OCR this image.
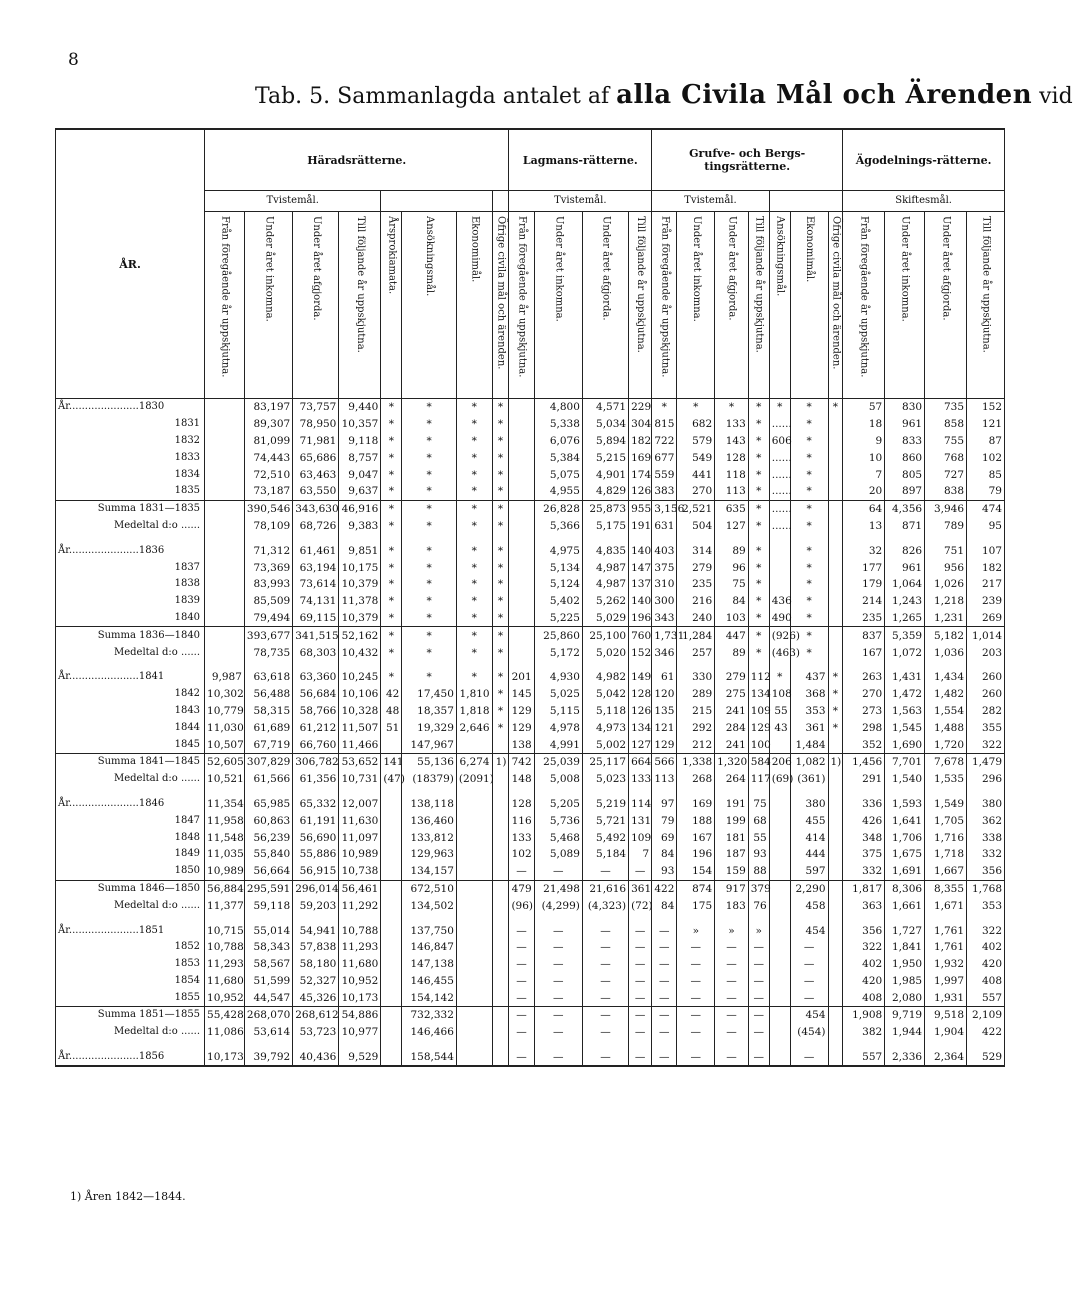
8
Tab. 5. Sammanlagda antalet af alla Civila Mål och Ärenden vid
ÅR.	Häradsrätterne.								Lagmans-rätterne.				Grufve- och Bergs-tingsrätterne.							Ägodelnings-rätterne.			
	Tvistemål.								Tvistemål.				Tvistemål.							Skiftesmål.			
	Från föregående år uppskjutna.	Under året inkomna.	Under året afgjorda.	Till följande år uppskjutna.	Årsprokiamata.	Ansökningsmål.	Ekonomimål.	Öfrige civila mål och ärenden.	Från föregående år uppskjutna.	Under året inkomna.	Under året afgjorda.	Till följande år uppskjutna.	Från föregående år uppskjutna.	Under året inkomna.	Under året afgjorda.	Till följande år uppskjutna.	Ansökningsmål.	Ekonomimål.	Öfrige civila mål och ärenden.	Från föregående år uppskjutna.	Under året inkomna.	Under året afgjorda.	Till följande år uppskjutna.
År......................1830		83,197	73,757	9,440	*	*	*	*		4,800	4,571	229	*	*	*	*	*	*	*	57	830	735	152
1831		89,307	78,950	10,357	*	*	*	*		5,338	5,034	304	815	682	133	*	......	*		18	961	858	121
1832		81,099	71,981	9,118	*	*	*	*		6,076	5,894	182	722	579	143	*	606	*		9	833	755	87
1833		74,443	65,686	8,757	*	*	*	*		5,384	5,215	169	677	549	128	*	......	*		10	860	768	102
1834		72,510	63,463	9,047	*	*	*	*		5,075	4,901	174	559	441	118	*	......	*		7	805	727	85
1835		73,187	63,550	9,637	*	*	*	*		4,955	4,829	126	383	270	113	*	......	*		20	897	838	79
Summa 1831—1835		390,546	343,630	46,916	*	*	*	*		26,828	25,873	955	3,156	2,521	635	*	......	*		64	4,356	3,946	474
Medeltal d:o ......		78,109	68,726	9,383	*	*	*	*		5,366	5,175	191	631	504	127	*	......	*		13	871	789	95

År......................1836		71,312	61,461	9,851	*	*	*	*		4,975	4,835	140	403	314	89	*		*		32	826	751	107
1837		73,369	63,194	10,175	*	*	*	*		5,134	4,987	147	375	279	96	*		*		177	961	956	182
1838		83,993	73,614	10,379	*	*	*	*		5,124	4,987	137	310	235	75	*		*		179	1,064	1,026	217
1839		85,509	74,131	11,378	*	*	*	*		5,402	5,262	140	300	216	84	*	436	*		214	1,243	1,218	239
1840		79,494	69,115	10,379	*	*	*	*		5,225	5,029	196	343	240	103	*	490	*		235	1,265	1,231	269
Summa 1836—1840		393,677	341,515	52,162	*	*	*	*		25,860	25,100	760	1,731	1,284	447	*	(926)	*		837	5,359	5,182	1,014
Medeltal d:o ......		78,735	68,303	10,432	*	*	*	*		5,172	5,020	152	346	257	89	*	(463)	*		167	1,072	1,036	203

År......................1841	9,987	63,618	63,360	10,245	*	*	*	*	201	4,930	4,982	149	61	330	279	112	*	437	*	263	1,431	1,434	260
1842	10,302	56,488	56,684	10,106	42	17,450	1,810	*	145	5,025	5,042	128	120	289	275	134	108	368	*	270	1,472	1,482	260
1843	10,779	58,315	58,766	10,328	48	18,357	1,818	*	129	5,115	5,118	126	135	215	241	109	55	353	*	273	1,563	1,554	282
1844	11,030	61,689	61,212	11,507	51	19,329	2,646	*	129	4,978	4,973	134	121	292	284	129	43	361	*	298	1,545	1,488	355
1845	10,507	67,719	66,760	11,466		147,967			138	4,991	5,002	127	129	212	241	100		1,484		352	1,690	1,720	322
Summa 1841—1845	52,605	307,829	306,782	53,652	141	55,136	6,274	1)	742	25,039	25,117	664	566	1,338	1,320	584	206	1,082	1)	1,456	7,701	7,678	1,479
Medeltal d:o ......	10,521	61,566	61,356	10,731	(47)	(18379)	(2091)		148	5,008	5,023	133	113	268	264	117	(69)	(361)		291	1,540	1,535	296

År......................1846	11,354	65,985	65,332	12,007		138,118			128	5,205	5,219	114	97	169	191	75		380		336	1,593	1,549	380
1847	11,958	60,863	61,191	11,630		136,460			116	5,736	5,721	131	79	188	199	68		455		426	1,641	1,705	362
1848	11,548	56,239	56,690	11,097		133,812			133	5,468	5,492	109	69	167	181	55		414		348	1,706	1,716	338
1849	11,035	55,840	55,886	10,989		129,963			102	5,089	5,184	7	84	196	187	93		444		375	1,675	1,718	332
1850	10,989	56,664	56,915	10,738		134,157			—	—	—	—	93	154	159	88		597		332	1,691	1,667	356
Summa 1846—1850	56,884	295,591	296,014	56,461		672,510			479	21,498	21,616	361	422	874	917	379		2,290		1,817	8,306	8,355	1,768
Medeltal d:o ......	11,377	59,118	59,203	11,292		134,502			(96)	(4,299)	(4,323)	(72)	84	175	183	76		458		363	1,661	1,671	353

År......................1851	10,715	55,014	54,941	10,788		137,750			—	—	—	—	—	»	»	»		454		356	1,727	1,761	322
1852	10,788	58,343	57,838	11,293		146,847			—	—	—	—	—	—	—	—		—		322	1,841	1,761	402
1853	11,293	58,567	58,180	11,680		147,138			—	—	—	—	—	—	—	—		—		402	1,950	1,932	420
1854	11,680	51,599	52,327	10,952		146,455			—	—	—	—	—	—	—	—		—		420	1,985	1,997	408
1855	10,952	44,547	45,326	10,173		154,142			—	—	—	—	—	—	—	—		—		408	2,080	1,931	557
Summa 1851—1855	55,428	268,070	268,612	54,886		732,332			—	—	—	—	—	—	—	—		454		1,908	9,719	9,518	2,109
Medeltal d:o ......	11,086	53,614	53,723	10,977		146,466			—	—	—	—	—	—	—	—		(454)		382	1,944	1,904	422

År......................1856	10,173	39,792	40,436	9,529		158,544			—	—	—	—	—	—	—	—		—		557	2,336	2,364	529
1) Åren 1842—1844.
